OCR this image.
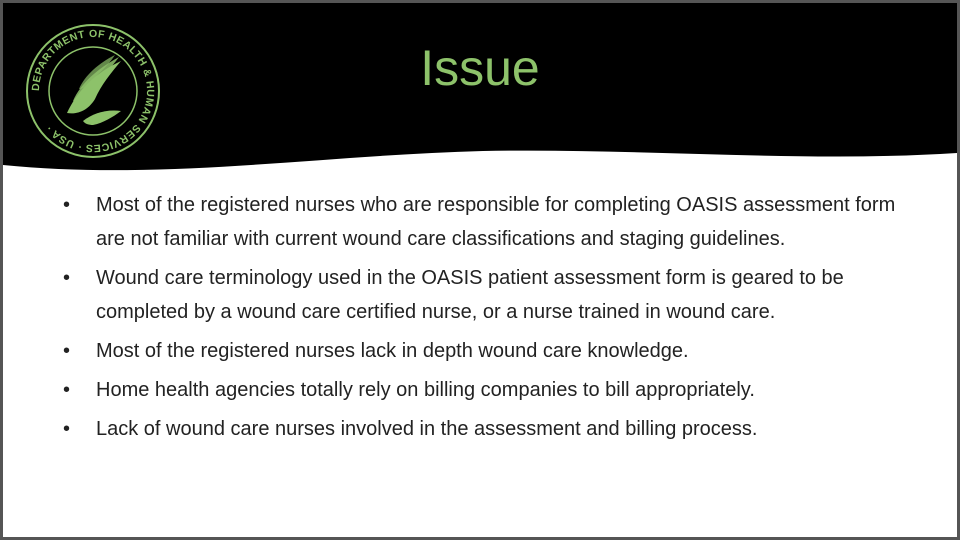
DEPARTMENT OF HEALTH & HUMAN SERVICES · USA ·
Issue
• Most of the registered nurses who are responsible for completing OASIS assessment form are not familiar with current wound care classifications and staging guidelines.
• Wound care terminology used in the OASIS patient assessment form is geared to be completed by a wound care certified nurse, or a nurse trained in wound care.
• Most of the registered nurses lack in depth wound care knowledge.
• Home health agencies totally rely on billing companies to bill appropriately.
• Lack of wound care nurses involved in the assessment and billing process.
